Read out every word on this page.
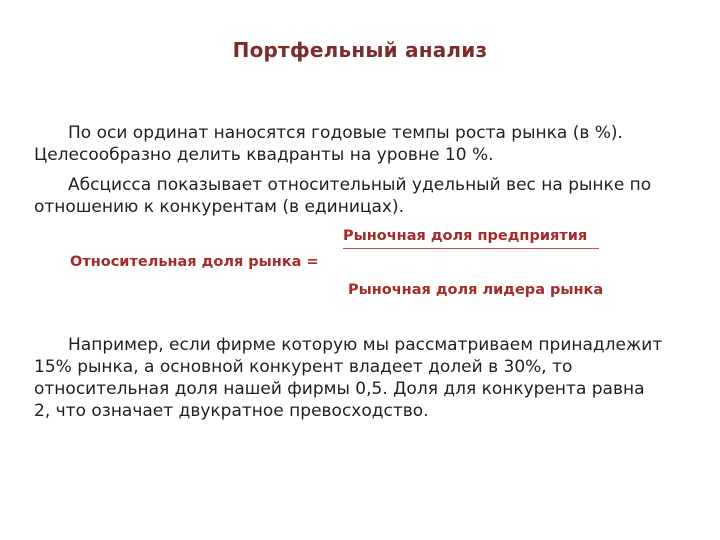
Портфельный анализ
По оси ординат наносятся годовые темпы роста рынка (в %). Целесообразно делить квадранты на уровне 10 %.
Абсцисса показывает относительный удельный вес на рынке по отношению к конкурентам (в единицах).
Рыночная доля предприятия
Относительная доля рынка =
Рыночная доля лидера рынка
Например, если фирме которую мы рассматриваем принадлежит 15% рынка, а основной конкурент владеет долей в 30%, то относительная доля нашей фирмы 0,5. Доля для конкурента равна 2, что означает двукратное превосходство.
